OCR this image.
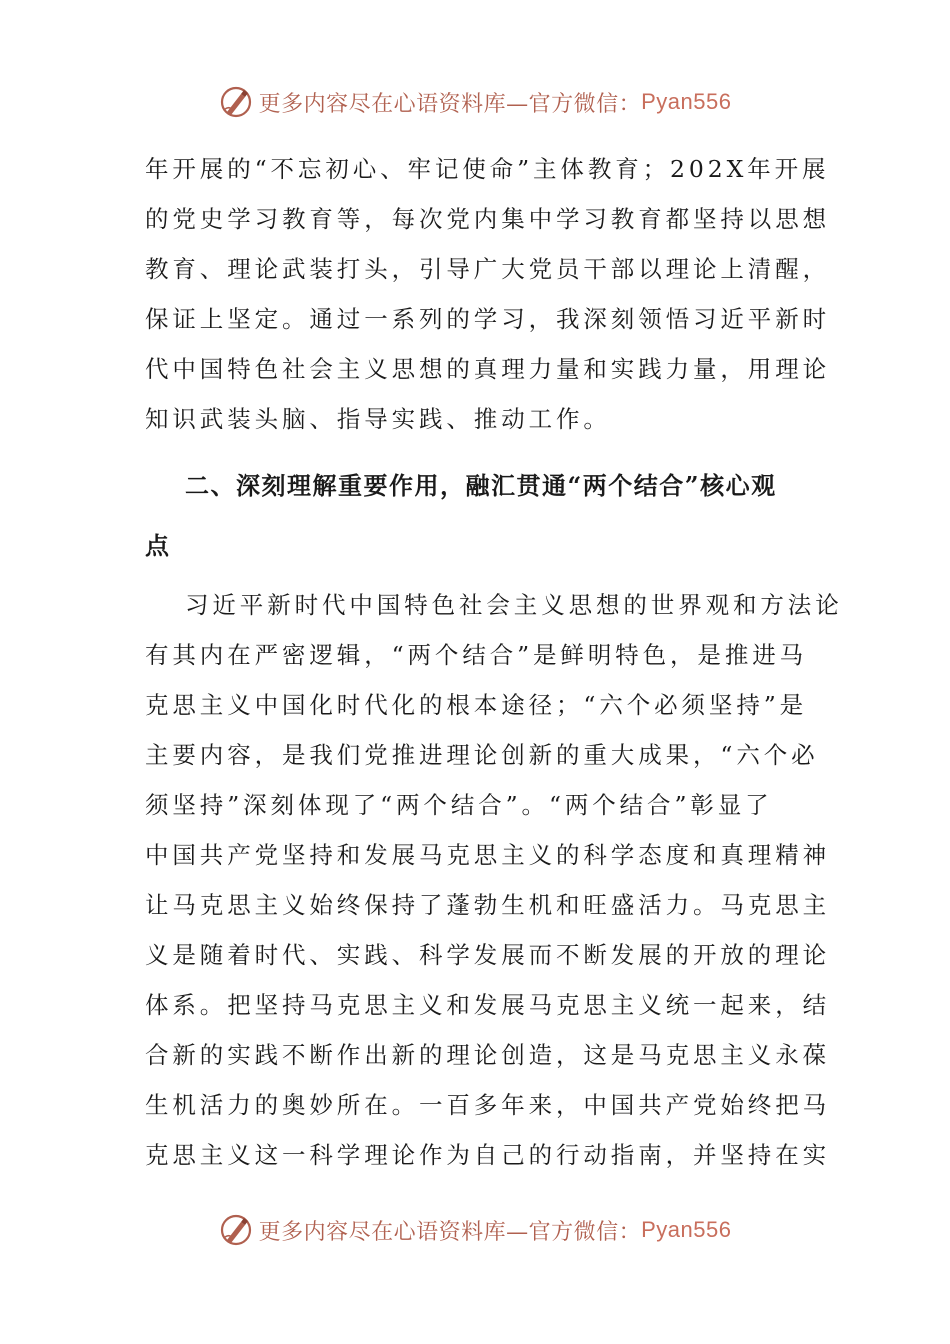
更多内容尽在心语资料库—官方微信： Pyan556

年开展的“不忘初心、牢记使命”主体教育；202X年开展

的党史学习教育等，每次党内集中学习教育都坚持以思想

教育、理论武装打头，引导广大党员干部以理论上清醒，

保证上坚定。通过一系列的学习，我深刻领悟习近平新时

代中国特色社会主义思想的真理力量和实践力量，用理论

知识武装头脑、指导实践、推动工作。

二、深刻理解重要作用，融汇贯通“两个结合”核心观

点

习近平新时代中国特色社会主义思想的世界观和方法论

有其内在严密逻辑，“两个结合”是鲜明特色，是推进马

克思主义中国化时代化的根本途径；“六个必须坚持”是

主要内容，是我们党推进理论创新的重大成果，“六个必

须坚持”深刻体现了“两个结合”。“两个结合”彰显了

中国共产党坚持和发展马克思主义的科学态度和真理精神

让马克思主义始终保持了蓬勃生机和旺盛活力。马克思主

义是随着时代、实践、科学发展而不断发展的开放的理论

体系。把坚持马克思主义和发展马克思主义统一起来，结

合新的实践不断作出新的理论创造，这是马克思主义永葆

生机活力的奥妙所在。一百多年来，中国共产党始终把马

克思主义这一科学理论作为自己的行动指南，并坚持在实

更多内容尽在心语资料库—官方微信： Pyan556
